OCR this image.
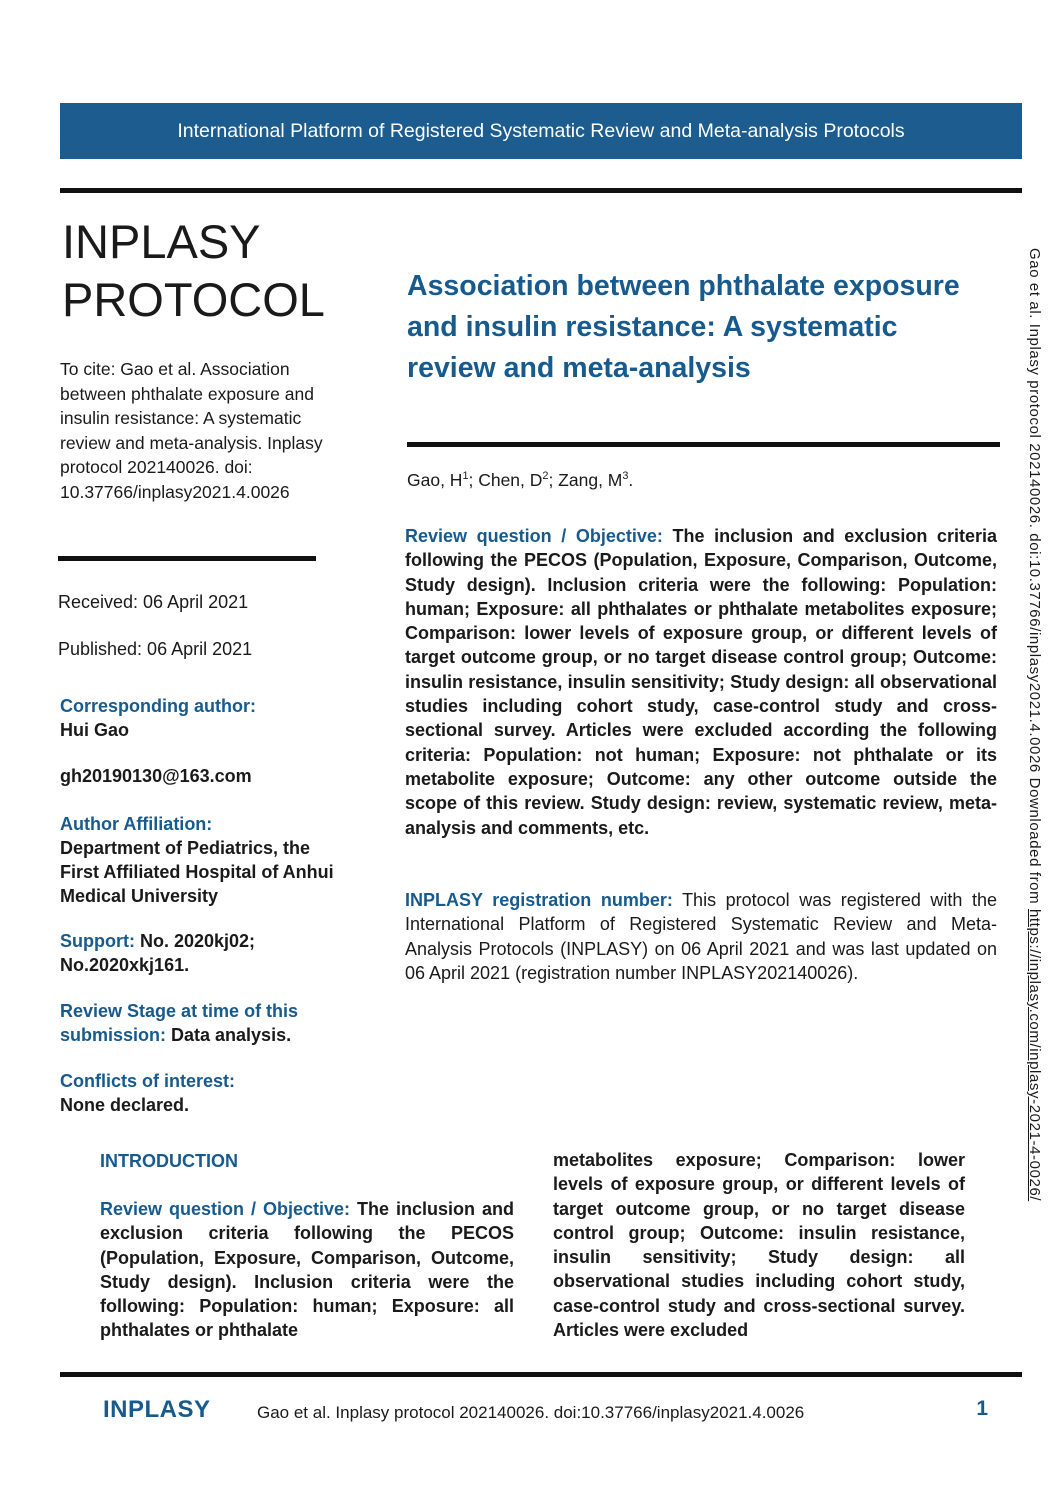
International Platform of Registered Systematic Review and Meta-analysis Protocols
INPLASY
PROTOCOL

To cite: Gao et al. Association between phthalate exposure and insulin resistance: A systematic review and meta-analysis. Inplasy protocol 202140026. doi: 10.37766/inplasy2021.4.0026

Received: 06 April 2021

Published: 06 April 2021

Corresponding author:
Hui Gao
gh20190130@163.com
Author Affiliation:
Department of Pediatrics, the First Affiliated Hospital of Anhui Medical University

Support: No. 2020kj02; No.2020xkj161.

Review Stage at time of this submission: Data analysis.

Conflicts of interest:
None declared.
Association between phthalate exposure and insulin resistance: A systematic review and meta-analysis

Gao, $H^1$; Chen, $D^2$; Zang, $M^3$.

Review question / Objective: The inclusion and exclusion criteria following the PECOS (Population, Exposure, Comparison, Outcome, Study design). Inclusion criteria were the following: Population: human; Exposure: all phthalates or phthalate metabolites exposure; Comparison: lower levels of exposure group, or different levels of target outcome group, or no target disease control group; Outcome: insulin resistance, insulin sensitivity; Study design: all observational studies including cohort study, case-control study and cross-sectional survey. Articles were excluded according the following criteria: Population: not human; Exposure: not phthalate or its metabolite exposure; Outcome: any other outcome outside the scope of this review. Study design: review, systematic review, meta-analysis and comments, etc.

INPLASY registration number: This protocol was registered with the International Platform of Registered Systematic Review and Meta-Analysis Protocols (INPLASY) on 06 April 2021 and was last updated on 06 April 2021 (registration number INPLASY202140026).

INTRODUCTION

Review question / Objective: The inclusion and exclusion criteria following the PECOS (Population, Exposure, Comparison, Outcome, Study design). Inclusion criteria were the following: Population: human; Exposure: all phthalates or phthalate

metabolites exposure; Comparison: lower levels of exposure group, or different levels of target outcome group, or no target disease control group; Outcome: insulin resistance, insulin sensitivity; Study design: all observational studies including cohort study, case-control study and cross-sectional survey. Articles were excluded

INPLASY	Gao et al. Inplasy protocol 202140026. doi:10.37766/inplasy2021.4.0026	1
Gao et al. Inplasy protocol 202140026. doi:10.37766/inplasy2021.4.0026 Downloaded from https://inplasy.com/inplasy-2021-4-0026/
